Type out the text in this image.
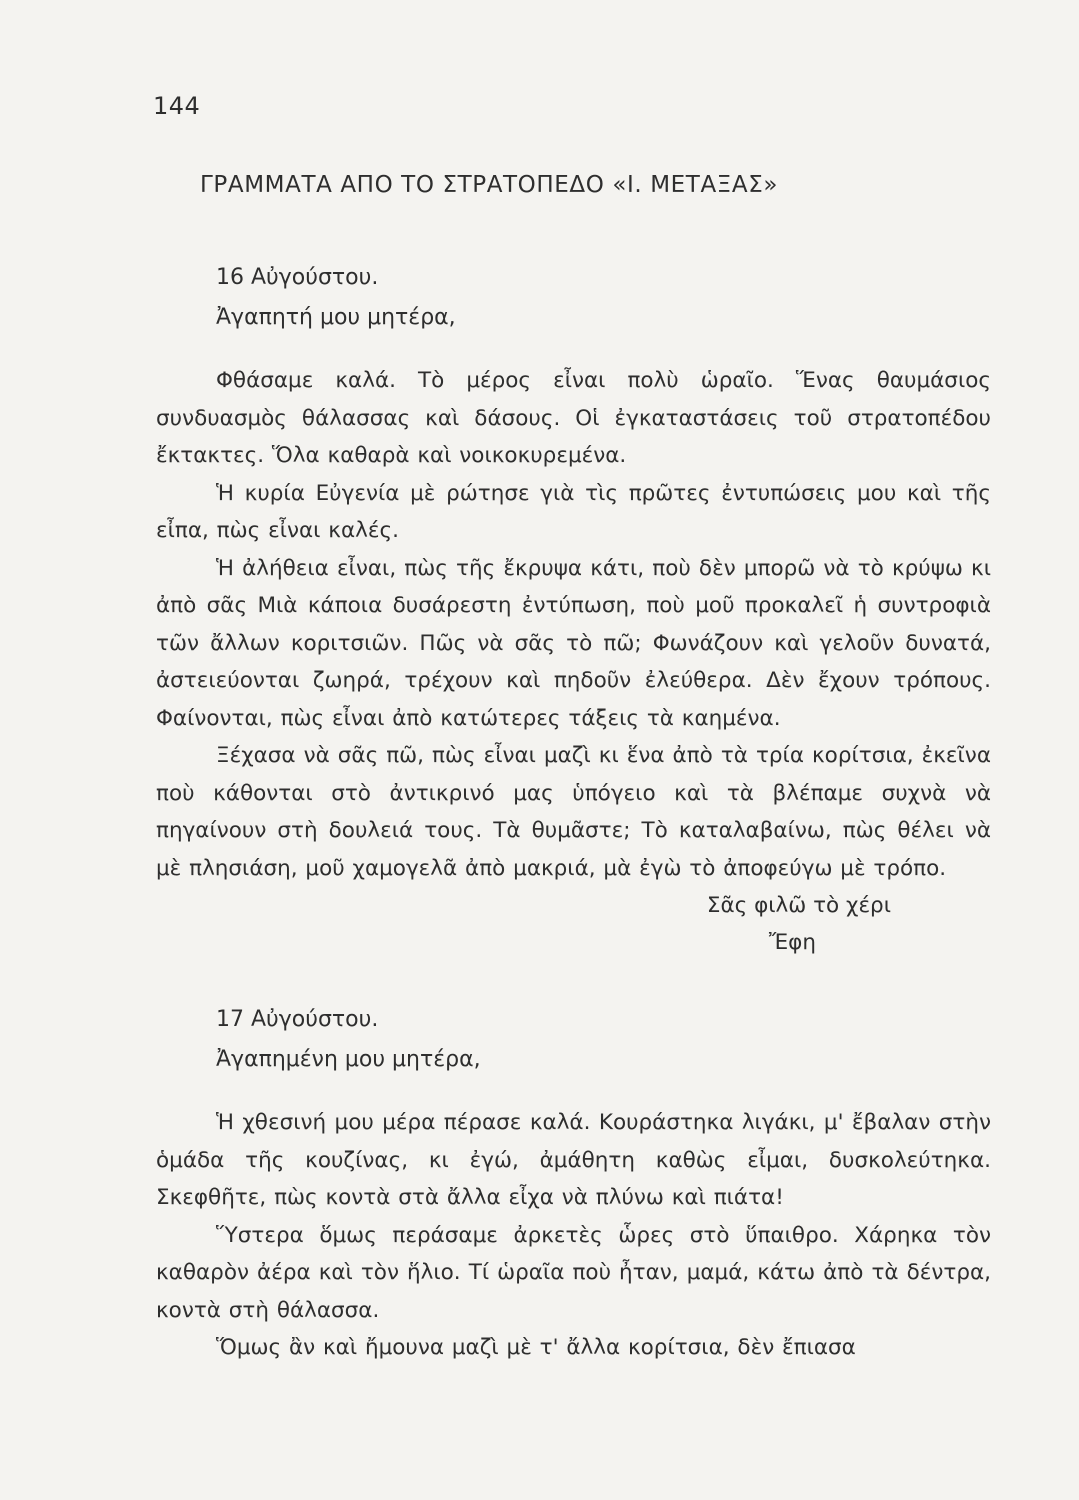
144
ΓΡΑΜΜΑΤΑ ΑΠΟ ΤΟ ΣΤΡΑΤΟΠΕΔΟ «Ι. ΜΕΤΑΞΑΣ»
16 Αὐγούστου.
Ἀγαπητή μου μητέρα,

Φθάσαμε καλά. Τὸ μέρος εἶναι πολὺ ὡραῖο. Ἕνας θαυμάσιος συνδυασμὸς θάλασσας καὶ δάσους. Οἱ ἐγκαταστάσεις τοῦ στρατοπέδου ἔκτακτες. Ὅλα καθαρὰ καὶ νοικοκυρεμένα.

Ἡ κυρία Εὐγενία μὲ ρώτησε γιὰ τὶς πρῶτες ἐντυπώσεις μου καὶ τῆς εἶπα, πὼς εἶναι καλές.

Ἡ ἀλήθεια εἶναι, πὼς τῆς ἔκρυψα κάτι, ποὺ δὲν μπορῶ νὰ τὸ κρύψω κι ἀπὸ σᾶς Μιὰ κάποια δυσάρεστη ἐντύπωση, ποὺ μοῦ προκαλεῖ ἡ συντροφιὰ τῶν ἄλλων κοριτσιῶν. Πῶς νὰ σᾶς τὸ πῶ; Φωνάζουν καὶ γελοῦν δυνατά, ἀστειεύονται ζωηρά, τρέχουν καὶ πηδοῦν ἐλεύθερα. Δὲν ἔχουν τρόπους. Φαίνονται, πὼς εἶναι ἀπὸ κατώτερες τάξεις τὰ καημένα.

Ξέχασα νὰ σᾶς πῶ, πὼς εἶναι μαζὶ κι ἕνα ἀπὸ τὰ τρία κορίτσια, ἐκεῖνα ποὺ κάθονται στὸ ἀντικρινό μας ὑπόγειο καὶ τὰ βλέπαμε συχνὰ νὰ πηγαίνουν στὴ δουλειά τους. Τὰ θυμᾶστε; Τὸ καταλαβαίνω, πὼς θέλει νὰ μὲ πλησιάση, μοῦ χαμογελᾶ ἀπὸ μακριά, μὰ ἐγὼ τὸ ἀποφεύγω μὲ τρόπο.

Σᾶς φιλῶ τὸ χέρι
Ἔφη
17 Αὐγούστου.
Ἀγαπημένη μου μητέρα,

Ἡ χθεσινή μου μέρα πέρασε καλά. Κουράστηκα λιγάκι, μ' ἔβαλαν στὴν ὁμάδα τῆς κουζίνας, κι ἐγώ, ἀμάθητη καθὼς εἶμαι, δυσκολεύτηκα. Σκεφθῆτε, πὼς κοντὰ στὰ ἄλλα εἶχα νὰ πλύνω καὶ πιάτα!

Ὕστερα ὅμως περάσαμε ἀρκετὲς ὧρες στὸ ὕπαιθρο. Χάρηκα τὸν καθαρὸν ἀέρα καὶ τὸν ἥλιο. Τί ὡραῖα ποὺ ἦταν, μαμά, κάτω ἀπὸ τὰ δέντρα, κοντὰ στὴ θάλασσα.

Ὅμως ἂν καὶ ἤμουνα μαζὶ μὲ τ' ἄλλα κορίτσια, δὲν ἔπιασα
